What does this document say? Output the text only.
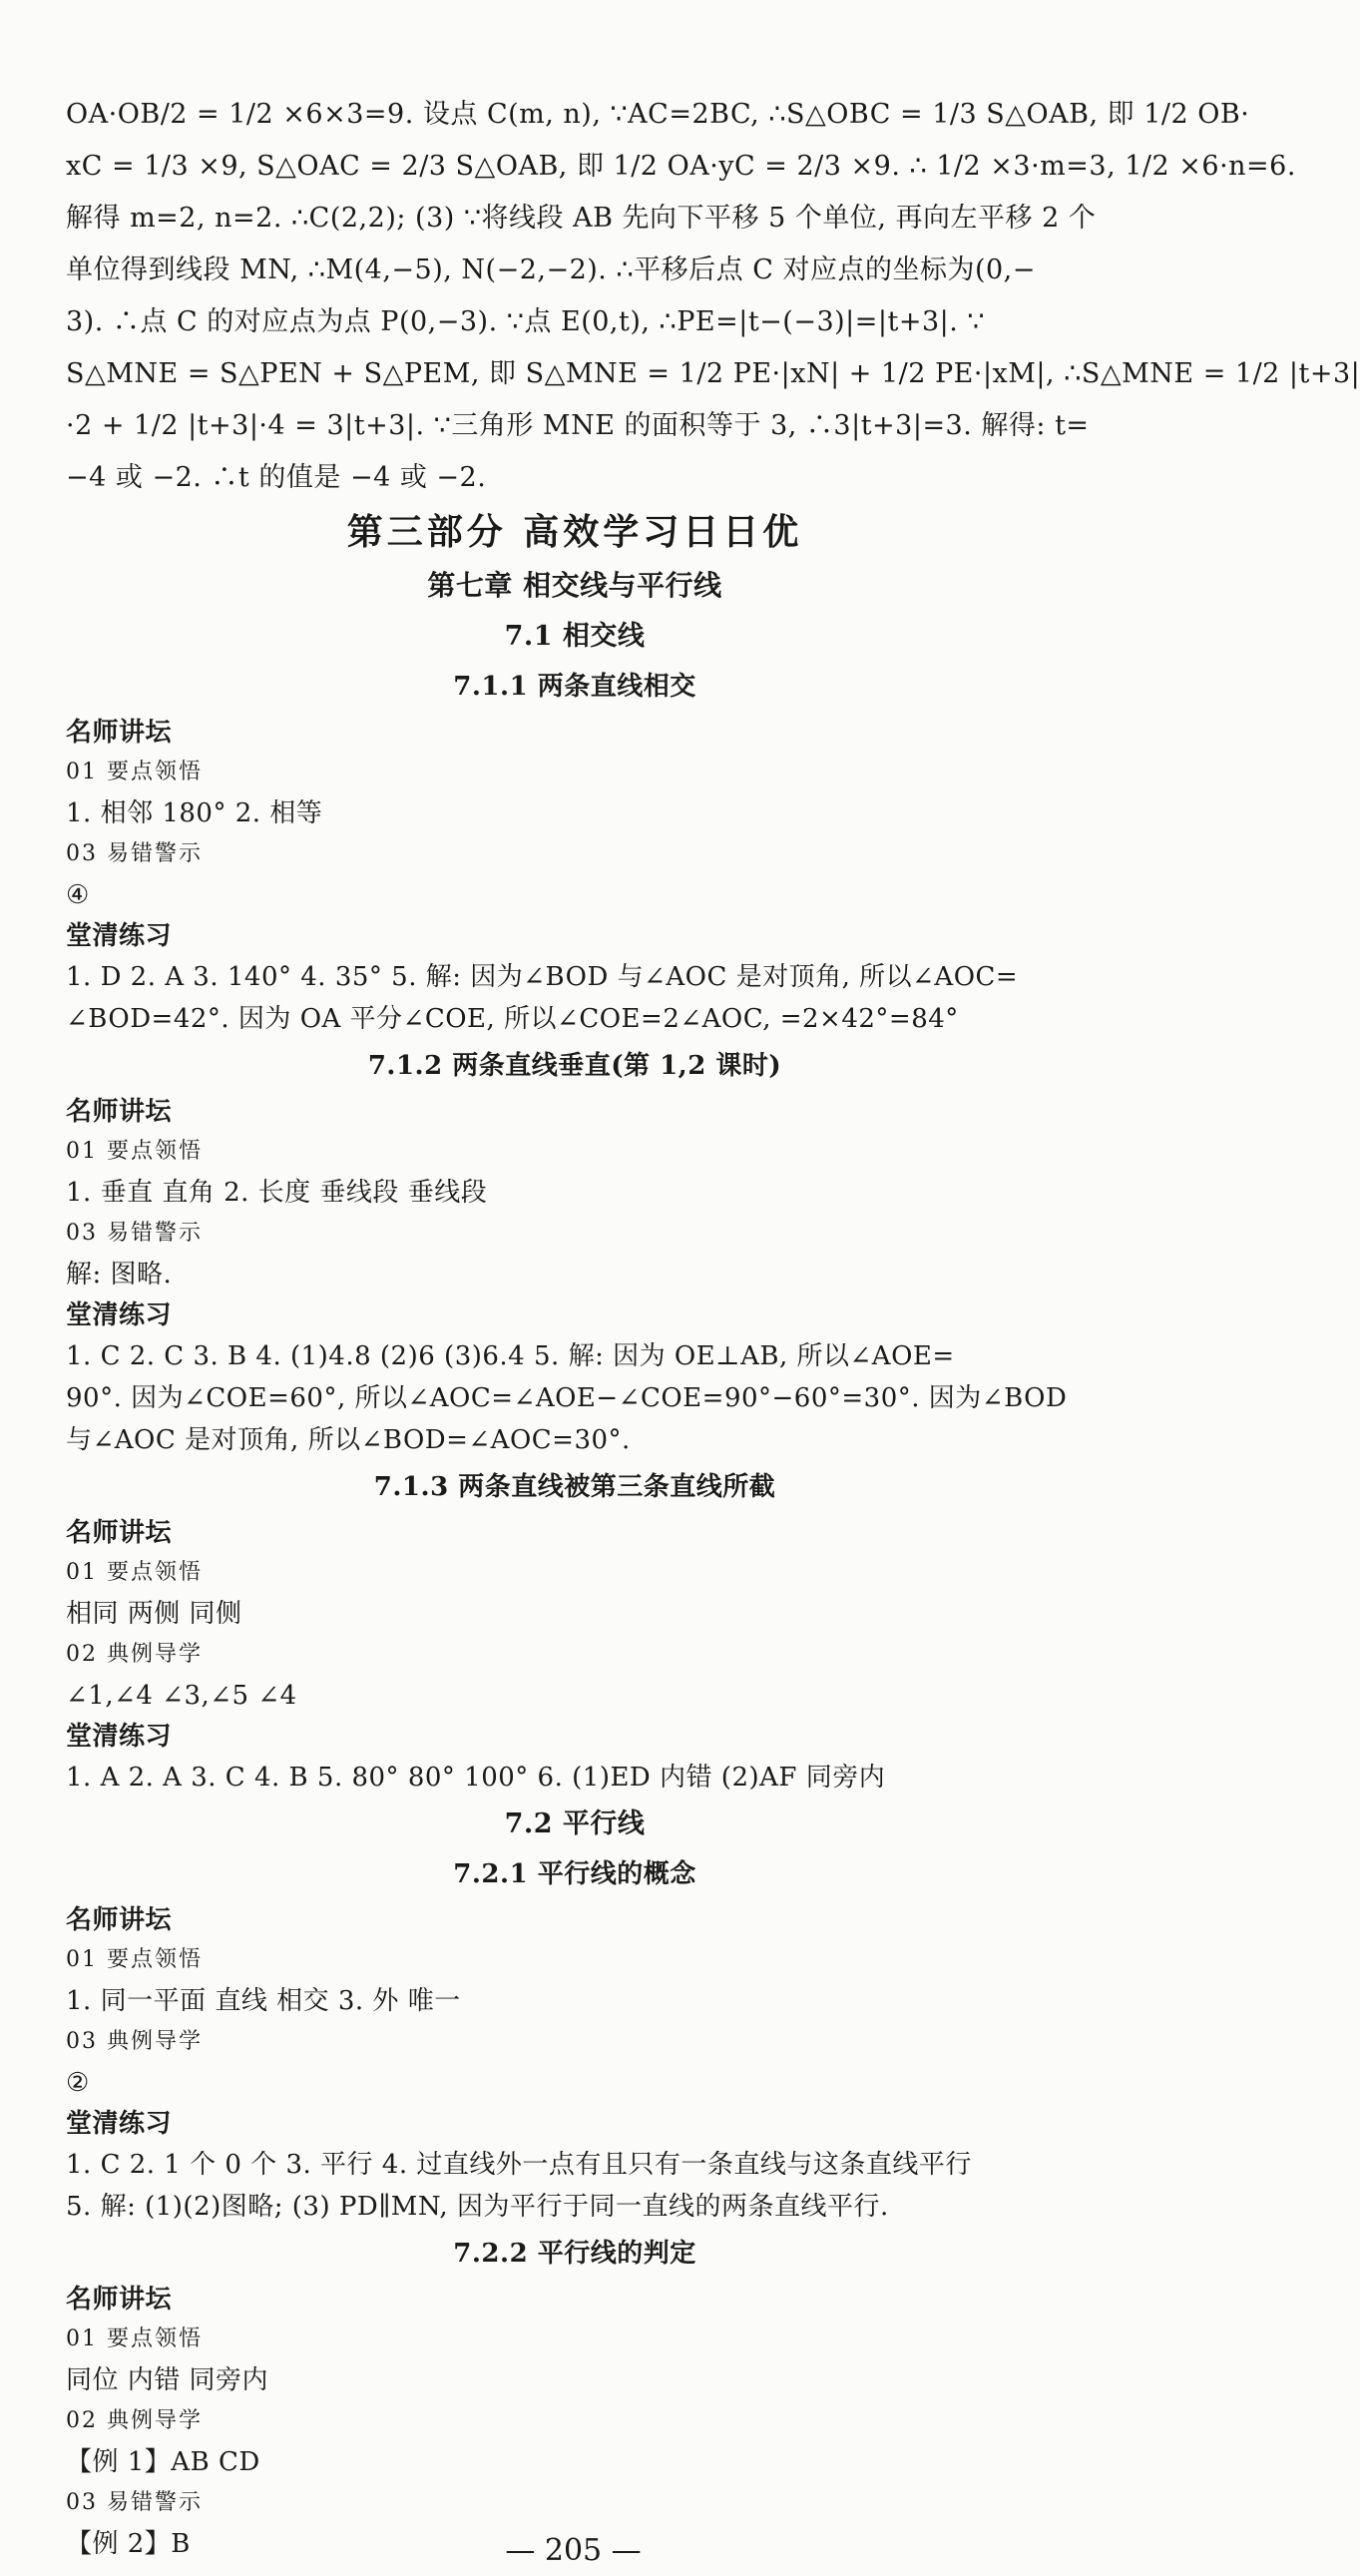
OA·OB/2 = 1/2 ×6×3=9. 设点 C(m, n), ∵AC=2BC, ∴S△OBC = 1/3 S△OAB, 即 1/2 OB·
xC = 1/3 ×9, S△OAC = 2/3 S△OAB, 即 1/2 OA·yC = 2/3 ×9. ∴ 1/2 ×3·m=3, 1/2 ×6·n=6.
解得 m=2, n=2. ∴C(2,2); (3) ∵将线段 AB 先向下平移 5 个单位, 再向左平移 2 个
单位得到线段 MN, ∴M(4,−5), N(−2,−2). ∴平移后点 C 对应点的坐标为(0,−
3). ∴点 C 的对应点为点 P(0,−3). ∵点 E(0,t), ∴PE=|t−(−3)|=|t+3|. ∵
S△MNE = S△PEN + S△PEM, 即 S△MNE = 1/2 PE·|xN| + 1/2 PE·|xM|, ∴S△MNE = 1/2 |t+3|
·2 + 1/2 |t+3|·4 = 3|t+3|. ∵三角形 MNE 的面积等于 3, ∴3|t+3|=3. 解得: t=
−4 或 −2. ∴t 的值是 −4 或 −2.
第三部分 高效学习日日优
第七章 相交线与平行线
7.1 相交线
7.1.1 两条直线相交
名师讲坛
01 要点领悟
1. 相邻 180° 2. 相等
03 易错警示
④
堂清练习
1. D 2. A 3. 140° 4. 35° 5. 解: 因为∠BOD 与∠AOC 是对顶角, 所以∠AOC=
∠BOD=42°. 因为 OA 平分∠COE, 所以∠COE=2∠AOC, =2×42°=84°
7.1.2 两条直线垂直(第 1,2 课时)
名师讲坛
01 要点领悟
1. 垂直 直角 2. 长度 垂线段 垂线段
03 易错警示
解: 图略.
堂清练习
1. C 2. C 3. B 4. (1)4.8 (2)6 (3)6.4 5. 解: 因为 OE⊥AB, 所以∠AOE=
90°. 因为∠COE=60°, 所以∠AOC=∠AOE−∠COE=90°−60°=30°. 因为∠BOD
与∠AOC 是对顶角, 所以∠BOD=∠AOC=30°.
7.1.3 两条直线被第三条直线所截
名师讲坛
01 要点领悟
相同 两侧 同侧
02 典例导学
∠1,∠4 ∠3,∠5 ∠4
堂清练习
1. A 2. A 3. C 4. B 5. 80° 80° 100° 6. (1)ED 内错 (2)AF 同旁内
7.2 平行线
7.2.1 平行线的概念
名师讲坛
01 要点领悟
1. 同一平面 直线 相交 3. 外 唯一
03 典例导学
②
堂清练习
1. C 2. 1 个 0 个 3. 平行 4. 过直线外一点有且只有一条直线与这条直线平行
5. 解: (1)(2)图略; (3) PD∥MN, 因为平行于同一直线的两条直线平行.
7.2.2 平行线的判定
名师讲坛
01 要点领悟
同位 内错 同旁内
02 典例导学
【例 1】AB CD
03 易错警示
【例 2】B	— 205 —
